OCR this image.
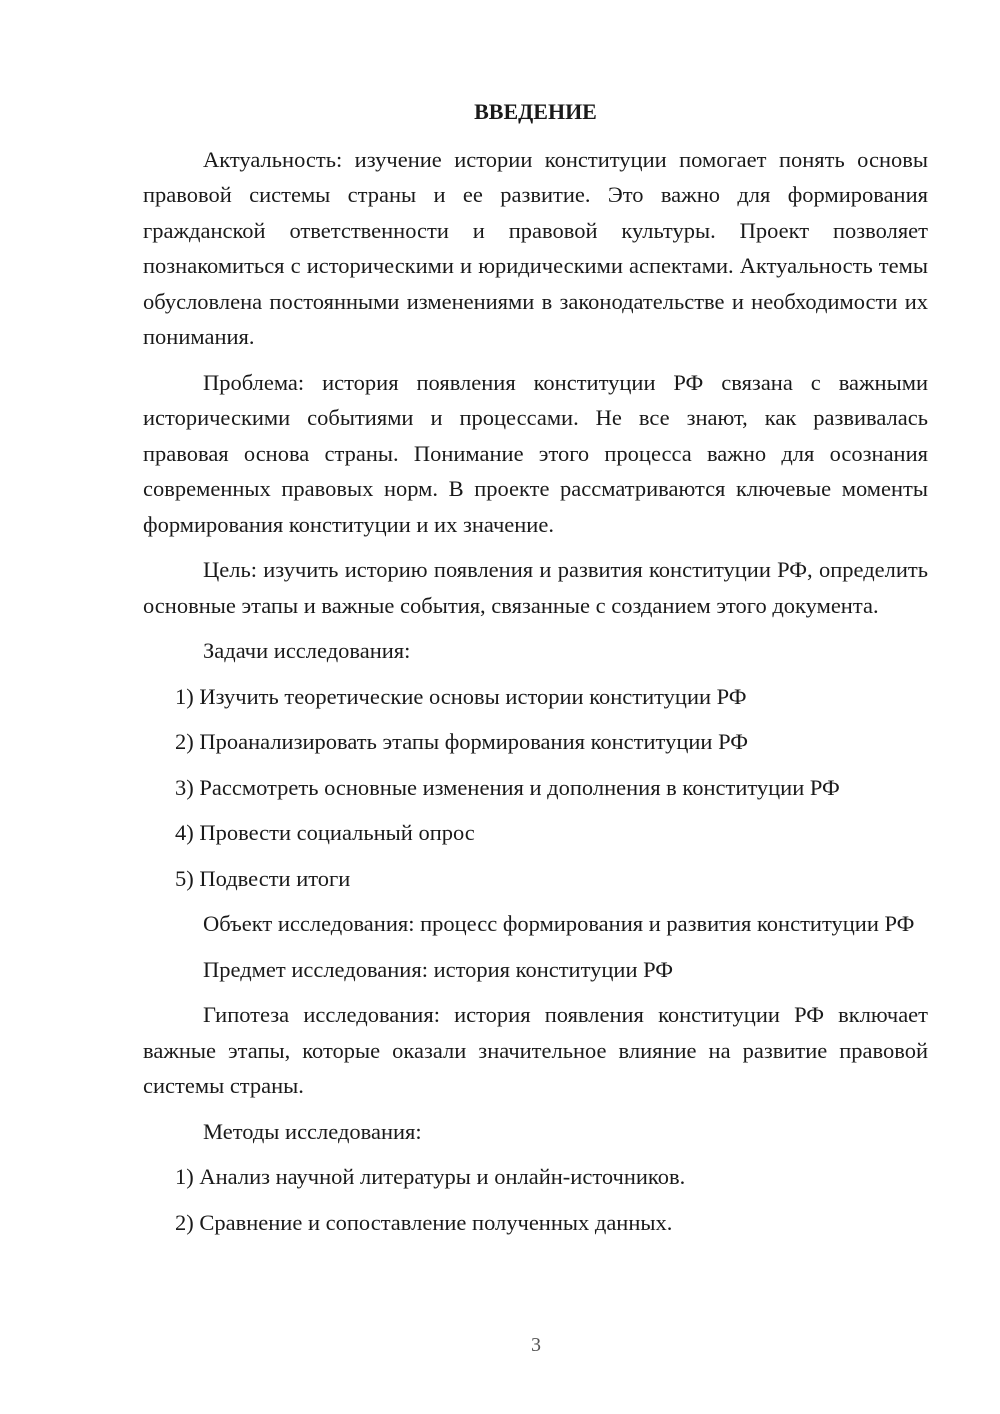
ВВЕДЕНИЕ

Актуальность: изучение истории конституции помогает понять основы правовой системы страны и ее развитие. Это важно для формирования гражданской ответственности и правовой культуры. Проект позволяет познакомиться с историческими и юридическими аспектами. Актуальность темы обусловлена постоянными изменениями в законодательстве и необходимости их понимания.

Проблема: история появления конституции РФ связана с важными историческими событиями и процессами. Не все знают, как развивалась правовая основа страны. Понимание этого процесса важно для осознания современных правовых норм. В проекте рассматриваются ключевые моменты формирования конституции и их значение.

Цель: изучить историю появления и развития конституции РФ, определить основные этапы и важные события, связанные с созданием этого документа.

Задачи исследования:

1) Изучить теоретические основы истории конституции РФ
2) Проанализировать этапы формирования конституции РФ
3) Рассмотреть основные изменения и дополнения в конституции РФ
4) Провести социальный опрос
5) Подвести итоги

Объект исследования: процесс формирования и развития конституции РФ

Предмет исследования: история конституции РФ

Гипотеза исследования: история появления конституции РФ включает важные этапы, которые оказали значительное влияние на развитие правовой системы страны.

Методы исследования:

1) Анализ научной литературы и онлайн-источников.
2) Сравнение и сопоставление полученных данных.
3
